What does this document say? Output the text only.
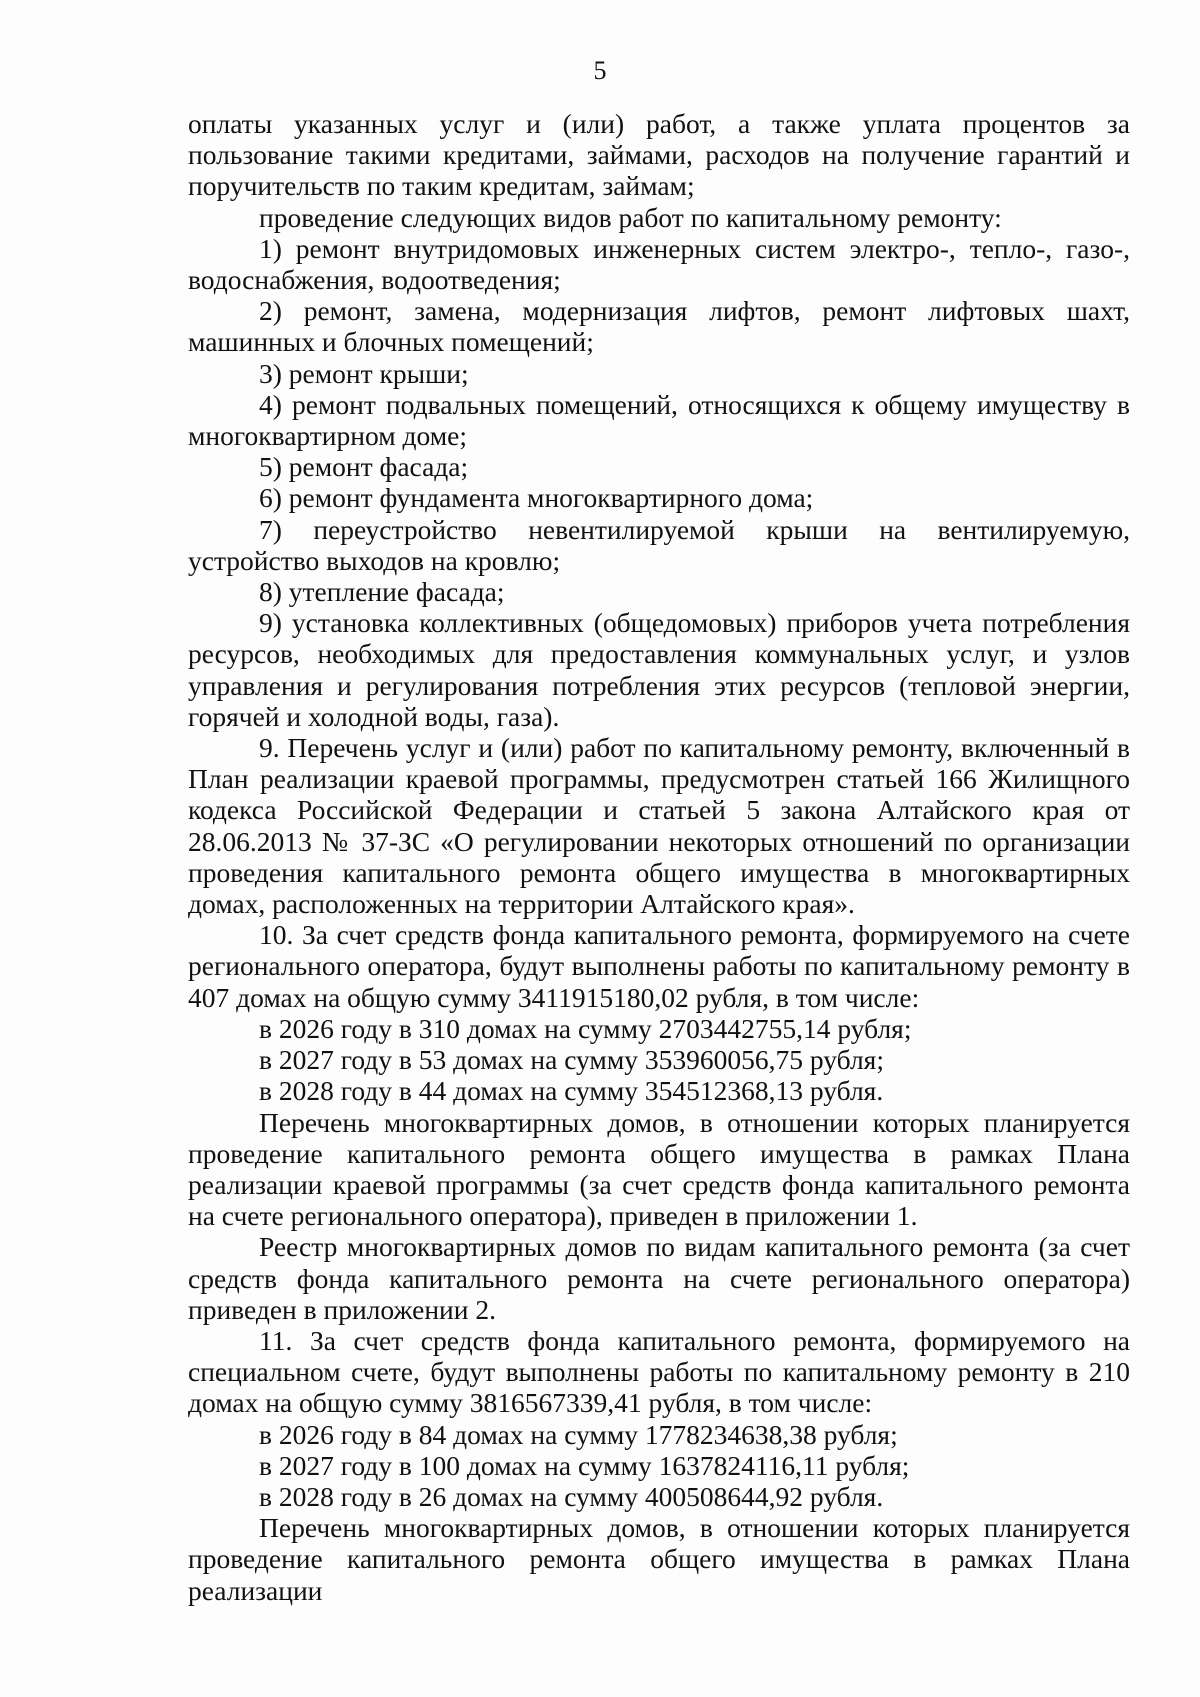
5

оплаты указанных услуг и (или) работ, а также уплата процентов за пользование такими кредитами, займами, расходов на получение гарантий и поручительств по таким кредитам, займам;

проведение следующих видов работ по капитальному ремонту:

1) ремонт внутридомовых инженерных систем электро-, тепло-, газо-, водоснабжения, водоотведения;

2) ремонт, замена, модернизация лифтов, ремонт лифтовых шахт, машинных и блочных помещений;

3) ремонт крыши;

4) ремонт подвальных помещений, относящихся к общему имуществу в многоквартирном доме;

5) ремонт фасада;

6) ремонт фундамента многоквартирного дома;

7) переустройство невентилируемой крыши на вентилируемую, устройство выходов на кровлю;

8) утепление фасада;

9) установка коллективных (общедомовых) приборов учета потребления ресурсов, необходимых для предоставления коммунальных услуг, и узлов управления и регулирования потребления этих ресурсов (тепловой энергии, горячей и холодной воды, газа).

9. Перечень услуг и (или) работ по капитальному ремонту, включенный в План реализации краевой программы, предусмотрен статьей 166 Жилищного кодекса Российской Федерации и статьей 5 закона Алтайского края от 28.06.2013 № 37-ЗС «О регулировании некоторых отношений по организации проведения капитального ремонта общего имущества в многоквартирных домах, расположенных на территории Алтайского края».

10. За счет средств фонда капитального ремонта, формируемого на счете регионального оператора, будут выполнены работы по капитальному ремонту в 407 домах на общую сумму 3411915180,02 рубля, в том числе:

в 2026 году в 310 домах на сумму 2703442755,14 рубля;

в 2027 году в 53 домах на сумму 353960056,75 рубля;

в 2028 году в 44 домах на сумму 354512368,13 рубля.

Перечень многоквартирных домов, в отношении которых планируется проведение капитального ремонта общего имущества в рамках Плана реализации краевой программы (за счет средств фонда капитального ремонта на счете регионального оператора), приведен в приложении 1.

Реестр многоквартирных домов по видам капитального ремонта (за счет средств фонда капитального ремонта на счете регионального оператора) приведен в приложении 2.

11. За счет средств фонда капитального ремонта, формируемого на специальном счете, будут выполнены работы по капитальному ремонту в 210 домах на общую сумму 3816567339,41 рубля, в том числе:

в 2026 году в 84 домах на сумму 1778234638,38 рубля;

в 2027 году в 100 домах на сумму 1637824116,11 рубля;

в 2028 году в 26 домах на сумму 400508644,92 рубля.

Перечень многоквартирных домов, в отношении которых планируется проведение капитального ремонта общего имущества в рамках Плана реализации
